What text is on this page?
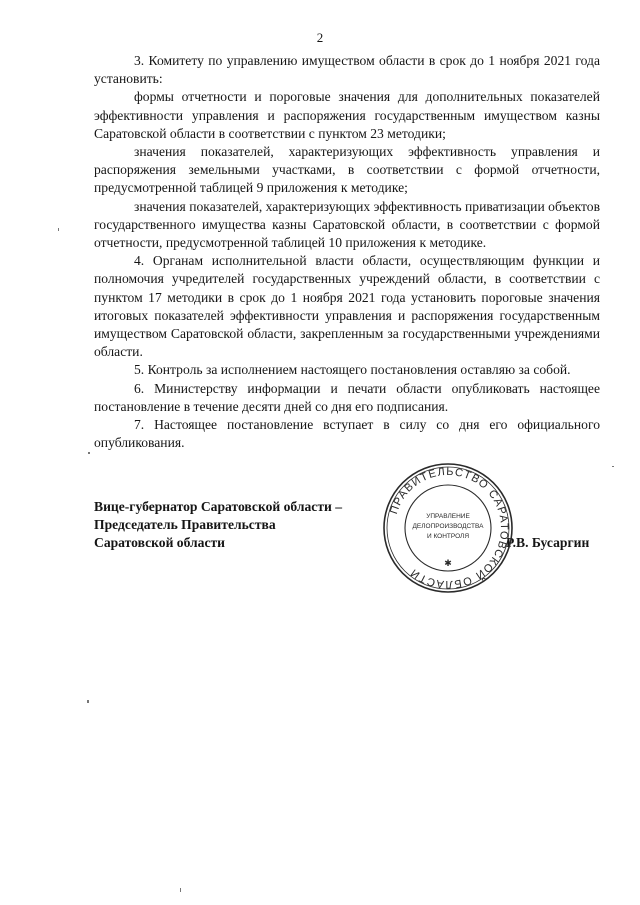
2

3. Комитету по управлению имуществом области в срок до 1 ноября 2021 года установить:

формы отчетности и пороговые значения для дополнительных показателей эффективности управления и распоряжения государственным имуществом казны Саратовской области в соответствии с пунктом 23 методики;

значения показателей, характеризующих эффективность управления и распоряжения земельными участками, в соответствии с формой отчетности, предусмотренной таблицей 9 приложения к методике;

значения показателей, характеризующих эффективность приватизации объектов государственного имущества казны Саратовской области, в соответствии с формой отчетности, предусмотренной таблицей 10 приложения к методике.

4. Органам исполнительной власти области, осуществляющим функции и полномочия учредителей государственных учреждений области, в соответствии с пунктом 17 методики в срок до 1 ноября 2021 года установить пороговые значения итоговых показателей эффективности управления и распоряжения государственным имуществом Саратовской области, закрепленным за государственными учреждениями области.

5. Контроль за исполнением настоящего постановления оставляю за собой.

6. Министерству информации и печати области опубликовать настоящее постановление в течение десяти дней со дня его подписания.

7. Настоящее постановление вступает в силу со дня его официального опубликования.

Вице-губернатор Саратовской области –
Председатель Правительства
Саратовской области	Р.В. Бусаргин
ПРАВИТЕЛЬСТВО САРАТОВСКОЙ ОБЛАСТИ
УПРАВЛЕНИЕ
ДЕЛОПРОИЗВОДСТВА
И КОНТРОЛЯ
✱
